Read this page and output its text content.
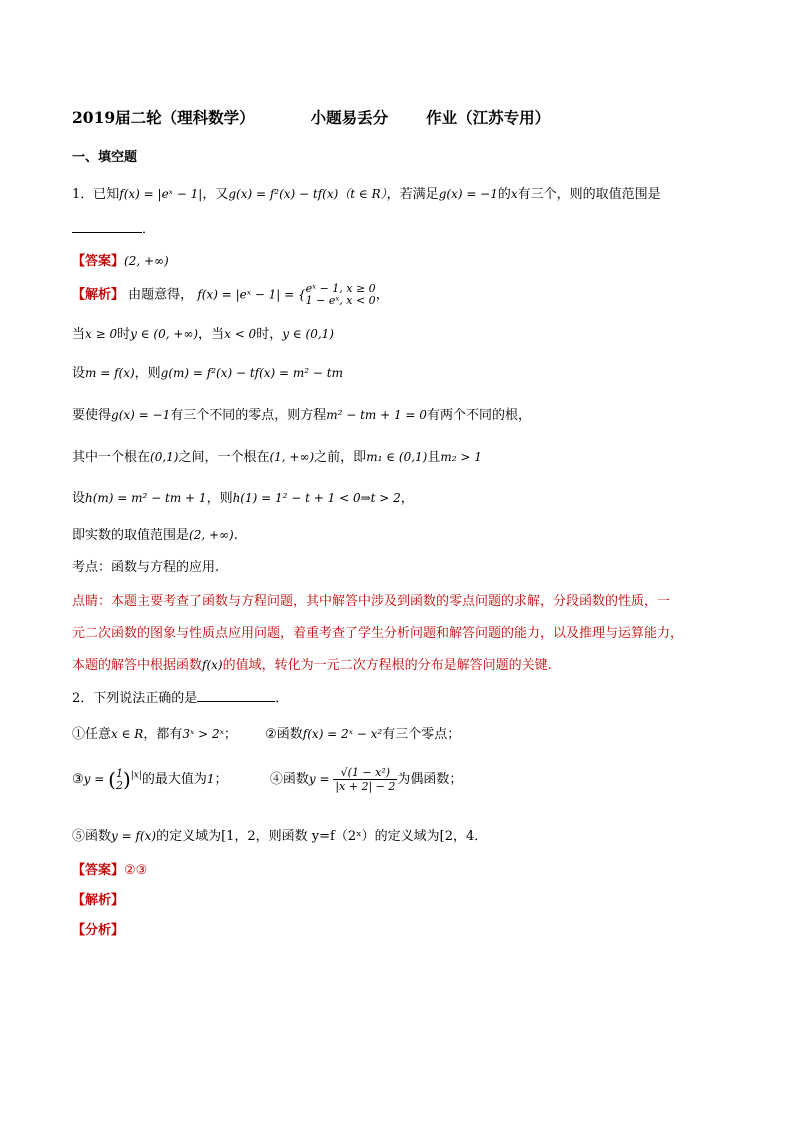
2019届二轮（理科数学）	小题易丢分 作业（江苏专用）
一、填空题
1．已知f(x) = |eˣ − 1|，又g(x) = f²(x) − tf(x)（t ∈ R），若满足g(x) = −1的x有三个，则的取值范围是
．
【答案】(2, +∞)
【解析】 由题意得， f(x) = |eˣ − 1| = { eˣ − 1, x ≥ 0
1 − eˣ, x < 0 ，
当x ≥ 0时y ∈ (0, +∞)，当x < 0时，y ∈ (0,1)
设m = f(x)，则g(m) = f²(x) − tf(x) = m² − tm
要使得g(x) = −1有三个不同的零点，则方程m² − tm + 1 = 0有两个不同的根，
其中一个根在(0,1)之间，一个根在(1, +∞)之前，即m₁ ∈ (0,1)且m₂ > 1
设h(m) = m² − tm + 1，则h(1) = 1² − t + 1 < 0⇒t > 2，
即实数的取值范围是(2, +∞).
考点：函数与方程的应用.
点睛：本题主要考查了函数与方程问题，其中解答中涉及到函数的零点问题的求解，分段函数的性质，一
元二次函数的图象与性质点应用问题，着重考查了学生分析问题和解答问题的能力，以及推理与运算能力，
本题的解答中根据函数f(x)的值域，转化为一元二次方程根的分布是解答问题的关键.
2．下列说法正确的是	．
①任意x ∈ R，都有3ˣ > 2ˣ； ②函数f(x) = 2ˣ − x²有三个零点；
③y = ( 1
2 )$^{|x|}$的最大值为1；	④函数$y = \frac{\text{√(1 − x²)}}{|x + 2| - 2}$ 为偶函数；
⑤函数y = f(x)的定义域为[1，2，则函数 y=f（2ˣ）的定义域为[2，4．
【答案】②③
【解析】
【分析】
